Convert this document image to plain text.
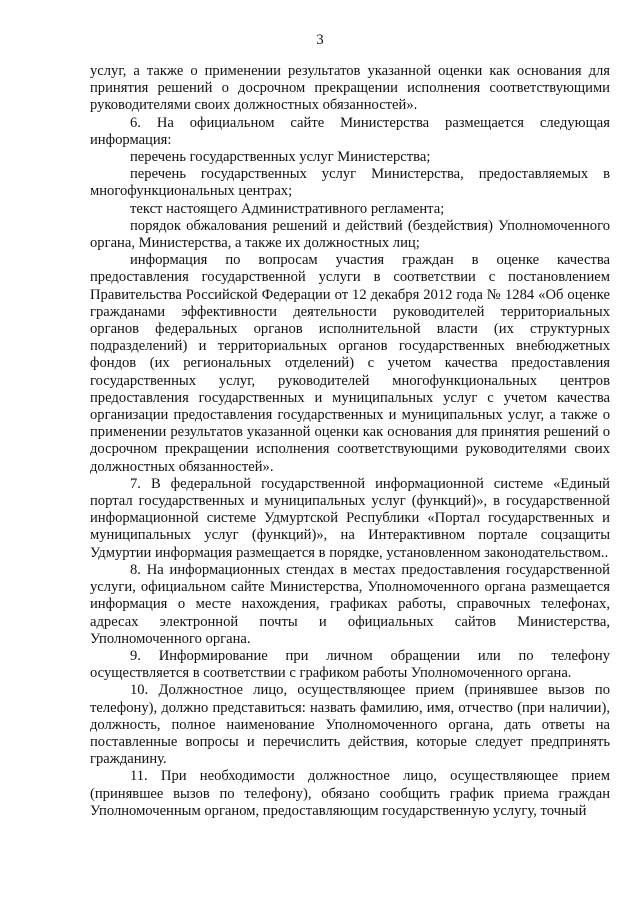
3

услуг, а также о применении результатов указанной оценки как основания для принятия решений о досрочном прекращении исполнения соответствующими руководителями своих должностных обязанностей».

6. На официальном сайте Министерства размещается следующая информация:

перечень государственных услуг Министерства;

перечень государственных услуг Министерства, предоставляемых в многофункциональных центрах;

текст настоящего Административного регламента;

порядок обжалования решений и действий (бездействия) Уполномоченного органа, Министерства, а также их должностных лиц;

информация по вопросам участия граждан в оценке качества предоставления государственной услуги в соответствии с постановлением Правительства Российской Федерации от 12 декабря 2012 года № 1284 «Об оценке гражданами эффективности деятельности руководителей территориальных органов федеральных органов исполнительной власти (их структурных подразделений) и территориальных органов государственных внебюджетных фондов (их региональных отделений) с учетом качества предоставления государственных услуг, руководителей многофункциональных центров предоставления государственных и муниципальных услуг с учетом качества организации предоставления государственных и муниципальных услуг, а также о применении результатов указанной оценки как основания для принятия решений о досрочном прекращении исполнения соответствующими руководителями своих должностных обязанностей».

7. В федеральной государственной информационной системе «Единый портал государственных и муниципальных услуг (функций)», в государственной информационной системе Удмуртской Республики «Портал государственных и муниципальных услуг (функций)», на Интерактивном портале соцзащиты Удмуртии информация размещается в порядке, установленном законодательством..

8. На информационных стендах в местах предоставления государственной услуги, официальном сайте Министерства, Уполномоченного органа размещается информация о месте нахождения, графиках работы, справочных телефонах, адресах электронной почты и официальных сайтов Министерства, Уполномоченного органа.

9. Информирование при личном обращении или по телефону осуществляется в соответствии с графиком работы Уполномоченного органа.

10. Должностное лицо, осуществляющее прием (принявшее вызов по телефону), должно представиться: назвать фамилию, имя, отчество (при наличии), должность, полное наименование Уполномоченного органа, дать ответы на поставленные вопросы и перечислить действия, которые следует предпринять гражданину.

11. При необходимости должностное лицо, осуществляющее прием (принявшее вызов по телефону), обязано сообщить график приема граждан Уполномоченным органом, предоставляющим государственную услугу, точный
